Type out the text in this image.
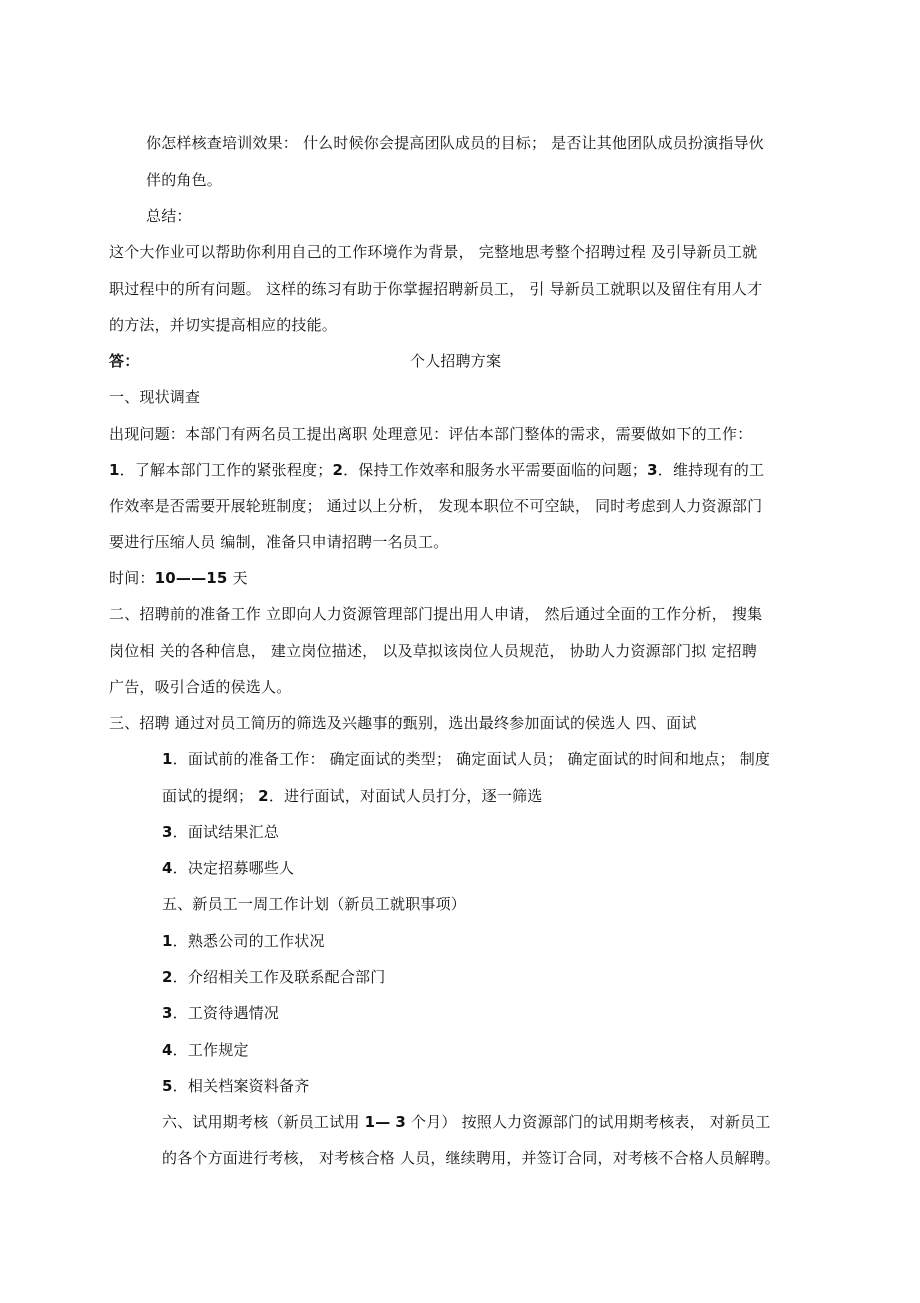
你怎样核查培训效果： 什么时候你会提高团队成员的目标； 是否让其他团队成员扮演指导伙
伴的角色。
总结：
这个大作业可以帮助你利用自己的工作环境作为背景， 完整地思考整个招聘过程 及引导新员工就
职过程中的所有问题。 这样的练习有助于你掌握招聘新员工， 引 导新员工就职以及留住有用人才
的方法，并切实提高相应的技能。
答：	个人招聘方案
一、现状调查
出现问题：本部门有两名员工提出离职 处理意见：评估本部门整体的需求，需要做如下的工作：
1．了解本部门工作的紧张程度；2．保持工作效率和服务水平需要面临的问题；3．维持现有的工
作效率是否需要开展轮班制度； 通过以上分析， 发现本职位不可空缺， 同时考虑到人力资源部门
要进行压缩人员 编制，准备只申请招聘一名员工。
时间：10——15 天
二、招聘前的准备工作 立即向人力资源管理部门提出用人申请， 然后通过全面的工作分析， 搜集
岗位相 关的各种信息， 建立岗位描述， 以及草拟该岗位人员规范， 协助人力资源部门拟 定招聘
广告，吸引合适的侯选人。
三、招聘 通过对员工简历的筛选及兴趣事的甄别，选出最终参加面试的侯选人 四、面试
1．面试前的准备工作： 确定面试的类型； 确定面试人员； 确定面试的时间和地点； 制度
面试的提纲； 2．进行面试，对面试人员打分，逐一筛选
3．面试结果汇总
4．决定招募哪些人
五、新员工一周工作计划（新员工就职事项）
1．熟悉公司的工作状况
2．介绍相关工作及联系配合部门
3．工资待遇情况
4．工作规定
5．相关档案资料备齐
六、试用期考核（新员工试用 1— 3 个月） 按照人力资源部门的试用期考核表， 对新员工
的各个方面进行考核， 对考核合格 人员，继续聘用，并签订合同，对考核不合格人员解聘。
